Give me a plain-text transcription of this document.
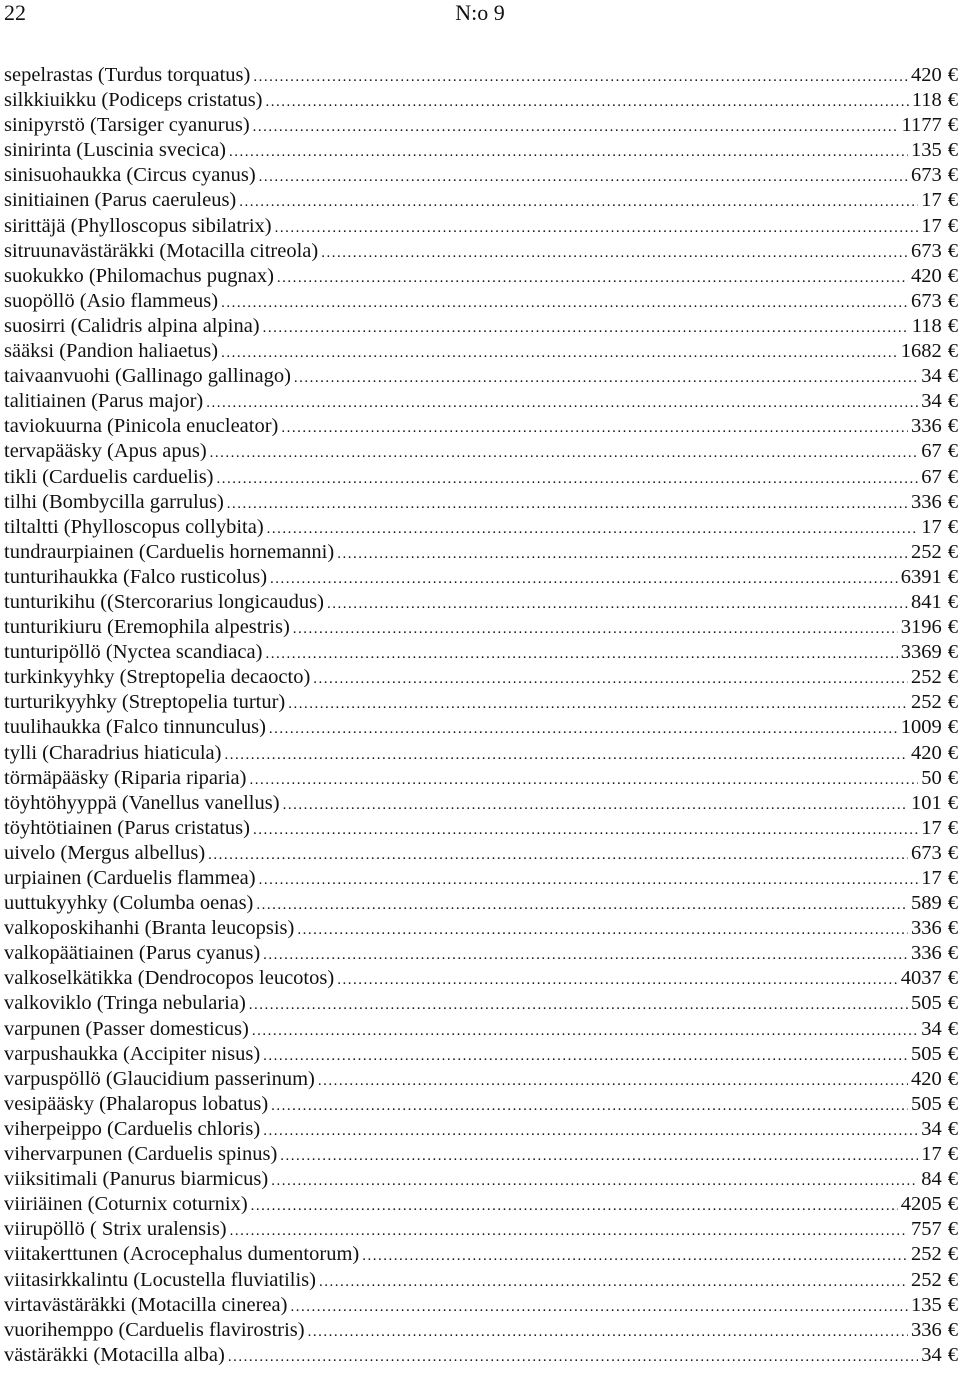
22	N:o 9
sepelrastas (Turdus torquatus) .....	420 €
silkkiuikku (Podiceps cristatus) .....	118 €
sinipyrstö (Tarsiger cyanurus) .....	1177 €
sinirinta (Luscinia svecica) .....	135 €
sinisuohaukka (Circus cyanus) .....	673 €
sinitiainen (Parus caeruleus) .....	17 €
sirittäjä (Phylloscopus sibilatrix) .....	17 €
sitruunavästäräkki (Motacilla citreola) .....	673 €
suokukko (Philomachus pugnax) .....	420 €
suopöllö (Asio flammeus) .....	673 €
suosirri (Calidris alpina alpina) .....	118 €
sääksi (Pandion haliaetus) .....	1682 €
taivaanvuohi (Gallinago gallinago) .....	34 €
talitiainen (Parus major) .....	34 €
taviokuurna (Pinicola enucleator) .....	336 €
tervapääsky (Apus apus) .....	67 €
tikli (Carduelis carduelis) .....	67 €
tilhi (Bombycilla garrulus) .....	336 €
tiltaltti (Phylloscopus collybita) .....	17 €
tundraurpiainen (Carduelis hornemanni) .....	252 €
tunturihaukka (Falco rusticolus) .....	6391 €
tunturikihu ((Stercorarius longicaudus) .....	841 €
tunturikiuru (Eremophila alpestris) .....	3196 €
tunturipöllö (Nyctea scandiaca) .....	3369 €
turkinkyyhky (Streptopelia decaocto) .....	252 €
turturikyyhky (Streptopelia turtur) .....	252 €
tuulihaukka (Falco tinnunculus) .....	1009 €
tylli (Charadrius hiaticula) .....	420 €
törmäpääsky (Riparia riparia) .....	50 €
töyhtöhyyppä (Vanellus vanellus) .....	101 €
töyhtötiainen (Parus cristatus) .....	17 €
uivelo (Mergus albellus) .....	673 €
urpiainen (Carduelis flammea) .....	17 €
uuttukyyhky (Columba oenas) .....	589 €
valkoposkihanhi (Branta leucopsis) .....	336 €
valkopäätiainen (Parus cyanus) .....	336 €
valkoselkätikka (Dendrocopos leucotos) .....	4037 €
valkoviklo (Tringa nebularia) .....	505 €
varpunen (Passer domesticus) .....	34 €
varpushaukka (Accipiter nisus) .....	505 €
varpuspöllö (Glaucidium passerinum) .....	420 €
vesipääsky (Phalaropus lobatus) .....	505 €
viherpeippo (Carduelis chloris) .....	34 €
vihervarpunen (Carduelis spinus) .....	17 €
viiksitimali (Panurus biarmicus) .....	84 €
viiriäinen (Coturnix coturnix) .....	4205 €
viirupöllö ( Strix uralensis) .....	757 €
viitakerttunen (Acrocephalus dumentorum) .....	252 €
viitasirkkalintu (Locustella fluviatilis) .....	252 €
virtavästäräkki (Motacilla cinerea) .....	135 €
vuorihemppo (Carduelis flavirostris) .....	336 €
västäräkki (Motacilla alba) .....	34 €
